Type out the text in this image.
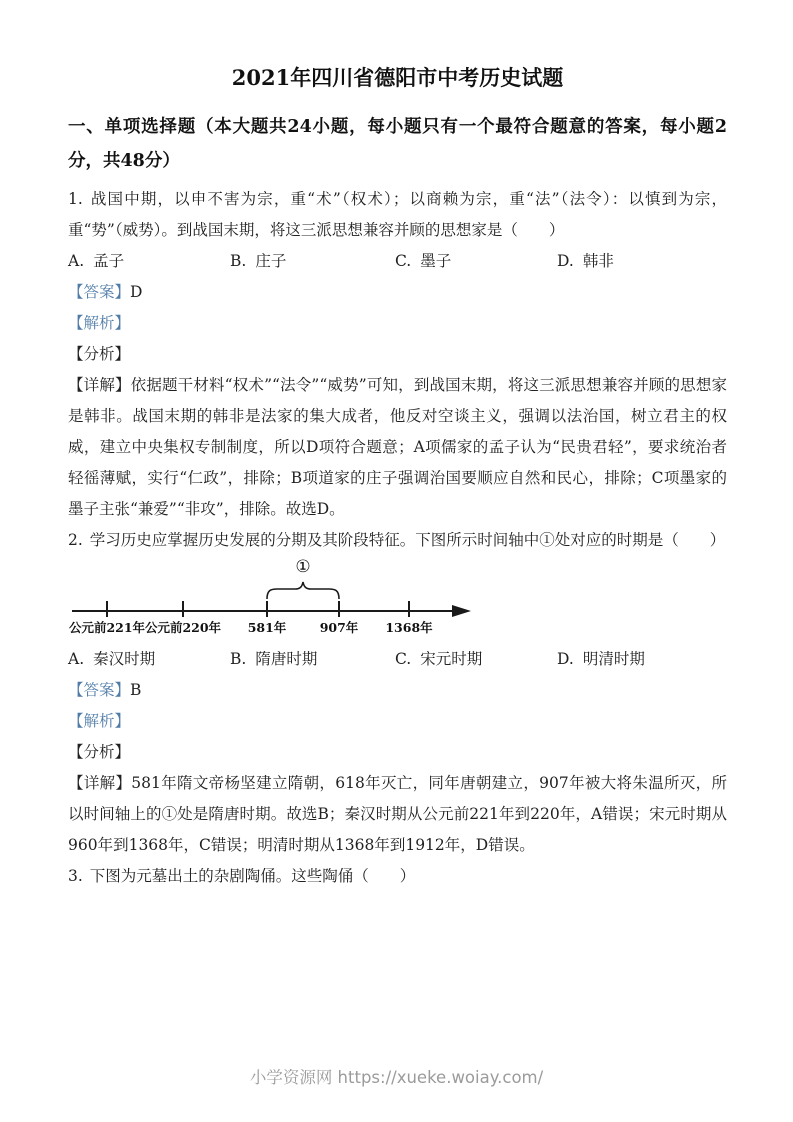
2021年四川省德阳市中考历史试题
一、单项选择题（本大题共24小题，每小题只有一个最符合题意的答案，每小题2分，共48分）

1. 战国中期，以申不害为宗，重“术”（权术）；以商赖为宗，重“法”（法令）：以慎到为宗，重“势”（威势）。到战国末期，将这三派思想兼容并顾的思想家是（　　）

A. 孟子	B. 庄子	C. 墨子	D. 韩非

【答案】D

【解析】

【分析】

【详解】依据题干材料“权术”“法令”“威势”可知，到战国末期，将这三派思想兼容并顾的思想家是韩非。战国末期的韩非是法家的集大成者，他反对空谈主义，强调以法治国，树立君主的权威，建立中央集权专制制度，所以D项符合题意；A项儒家的孟子认为“民贵君轻”，要求统治者轻徭薄赋，实行“仁政”，排除；B项道家的庄子强调治国要顺应自然和民心，排除；C项墨家的墨子主张“兼爱”“非攻”，排除。故选D。

2. 学习历史应掌握历史发展的分期及其阶段特征。下图所示时间轴中①处对应的时期是（　　）

①
公元前221年 公元前220年 581年	907年 1368年
A. 秦汉时期	B. 隋唐时期	C. 宋元时期	D. 明清时期

【答案】B

【解析】

【分析】

【详解】581年隋文帝杨坚建立隋朝，618年灭亡，同年唐朝建立，907年被大将朱温所灭，所以时间轴上的①处是隋唐时期。故选B；秦汉时期从公元前221年到220年，A错误；宋元时期从960年到1368年，C错误；明清时期从1368年到1912年，D错误。

3. 下图为元墓出土的杂剧陶俑。这些陶俑（　　）

小学资源网 https://xueke.woiay.com/
